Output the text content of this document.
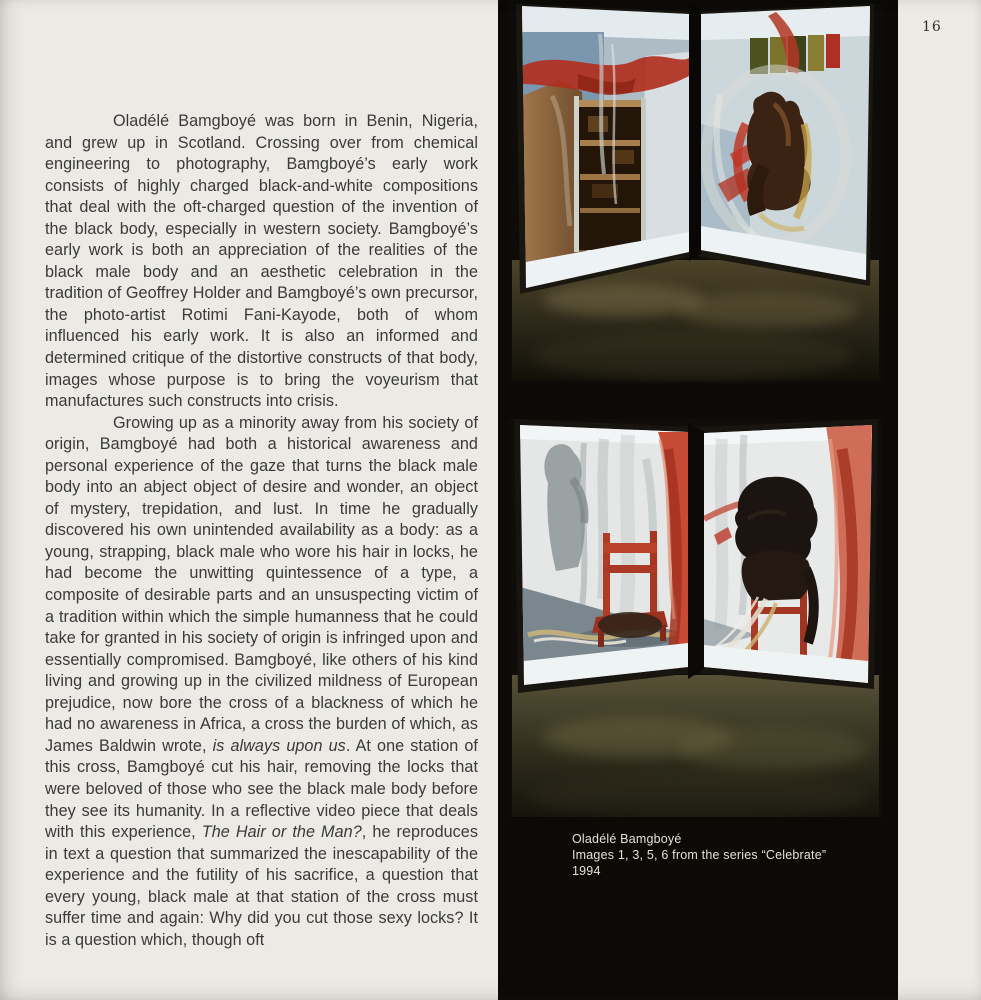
16

Oladélé Bamgboyé was born in Benin, Nigeria, and grew up in Scotland. Crossing over from chemical engineering to photography, Bamgboyé’s early work consists of highly charged black-and-white compositions that deal with the oft-charged question of the invention of the black body, especially in western society. Bamgboyé’s early work is both an appreciation of the realities of the black male body and an aesthetic celebration in the tradition of Geoffrey Holder and Bamgboyé’s own precursor, the photo-artist Rotimi Fani-Kayode, both of whom influenced his early work. It is also an informed and determined critique of the distortive constructs of that body, images whose purpose is to bring the voyeurism that manufactures such constructs into crisis.

Growing up as a minority away from his society of origin, Bamgboyé had both a historical awareness and personal experience of the gaze that turns the black male body into an abject object of desire and wonder, an object of mystery, trepidation, and lust. In time he gradually discovered his own unintended availability as a body: as a young, strapping, black male who wore his hair in locks, he had become the unwitting quintessence of a type, a composite of desirable parts and an unsuspecting victim of a tradition within which the simple humanness that he could take for granted in his society of origin is infringed upon and essentially compromised. Bamgboyé, like others of his kind living and growing up in the civilized mildness of European prejudice, now bore the cross of a blackness of which he had no awareness in Africa, a cross the burden of which, as James Baldwin wrote, is always upon us. At one station of this cross, Bamgboyé cut his hair, removing the locks that were beloved of those who see the black male body before they see its humanity. In a reflective video piece that deals with this experience, The Hair or the Man?, he reproduces in text a question that summarized the inescapability of the experience and the futility of his sacrifice, a question that every young, black male at that station of the cross must suffer time and again: Why did you cut those sexy locks? It is a question which, though oft

Oladélé Bamgboyé
Images 1, 3, 5, 6 from the series “Celebrate”
1994
